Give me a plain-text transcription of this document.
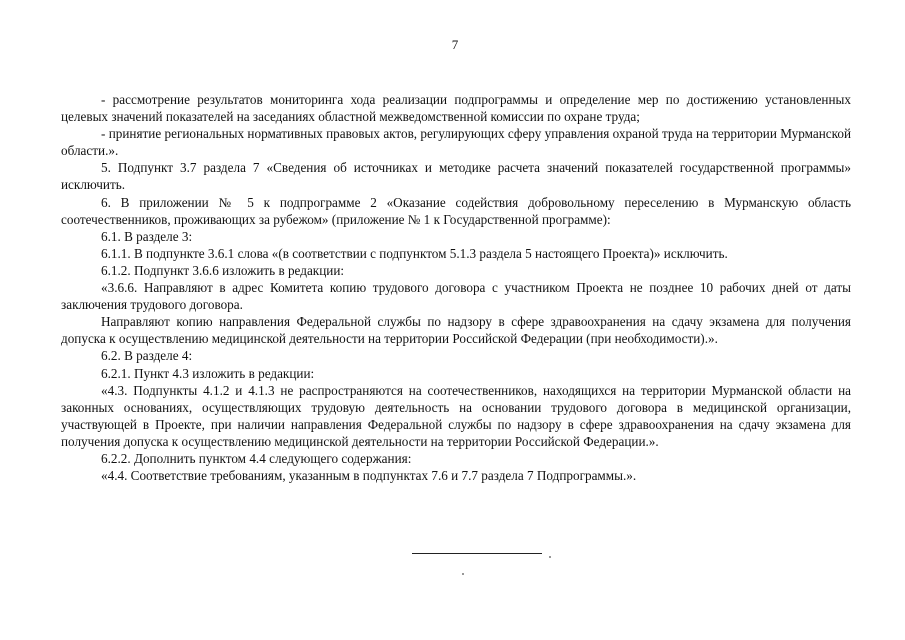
7

- рассмотрение результатов мониторинга хода реализации подпрограммы и определение мер по достижению установленных целевых значений показателей на заседаниях областной межведомственной комиссии по охране труда;

- принятие региональных нормативных правовых актов, регулирующих сферу управления охраной труда на территории Мурманской области.».

5. Подпункт 3.7 раздела 7 «Сведения об источниках и методике расчета значений показателей государственной программы» исключить.

6. В приложении № 5 к подпрограмме 2 «Оказание содействия добровольному переселению в Мурманскую область соотечественников, проживающих за рубежом» (приложение № 1 к Государственной программе):

6.1. В разделе 3:

6.1.1. В подпункте 3.6.1 слова «(в соответствии с подпунктом 5.1.3 раздела 5 настоящего Проекта)» исключить.

6.1.2. Подпункт 3.6.6 изложить в редакции:

«3.6.6. Направляют в адрес Комитета копию трудового договора с участником Проекта не позднее 10 рабочих дней от даты заключения трудового договора.

Направляют копию направления Федеральной службы по надзору в сфере здравоохранения на сдачу экзамена для получения допуска к осуществлению медицинской деятельности на территории Российской Федерации (при необходимости).».

6.2. В разделе 4:

6.2.1. Пункт 4.3 изложить в редакции:

«4.3. Подпункты 4.1.2 и 4.1.3 не распространяются на соотечественников, находящихся на территории Мурманской области на законных основаниях, осуществляющих трудовую деятельность на основании трудового договора в медицинской организации, участвующей в Проекте, при наличии направления Федеральной службы по надзору в сфере здравоохранения на сдачу экзамена для получения допуска к осуществлению медицинской деятельности на территории Российской Федерации.».

6.2.2. Дополнить пунктом 4.4 следующего содержания:

«4.4. Соответствие требованиям, указанным в подпунктах 7.6 и 7.7 раздела 7 Подпрограммы.».
